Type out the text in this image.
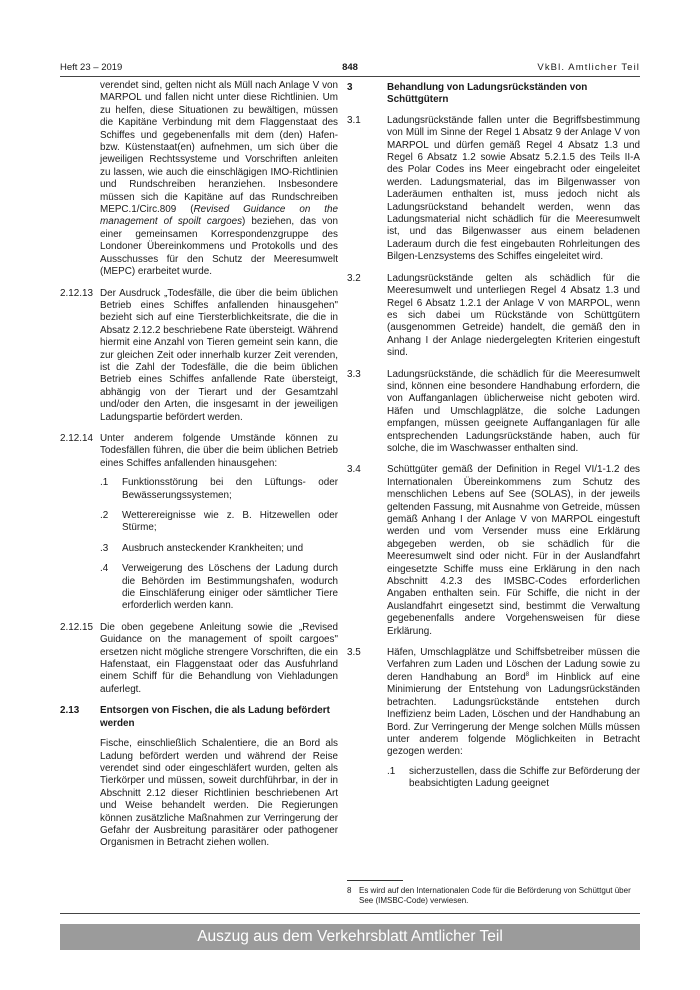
Heft 23 – 2019	848	VkBl. Amtlicher Teil
verendet sind, gelten nicht als Müll nach Anlage V von MARPOL und fallen nicht unter diese Richtlinien. Um zu helfen, diese Situationen zu bewältigen, müssen die Kapitäne Verbindung mit dem Flaggenstaat des Schiffes und gegebenenfalls mit dem (den) Hafen- bzw. Küstenstaat(en) aufnehmen, um sich über die jeweiligen Rechtssysteme und Vorschriften anleiten zu lassen, wie auch die einschlägigen IMO-Richtlinien und Rundschreiben heranziehen. Insbesondere müssen sich die Kapitäne auf das Rundschreiben MEPC.1/Circ.809 (Revised Guidance on the management of spoilt cargoes) beziehen, das von einer gemeinsamen Korrespondenzgruppe des Londoner Übereinkommens und Protokolls und des Ausschusses für den Schutz der Meeresumwelt (MEPC) erarbeitet wurde.
2.12.13 Der Ausdruck „Todesfälle, die über die beim üblichen Betrieb eines Schiffes anfallenden hinausgehen" bezieht sich auf eine Tiersterblichkeitsrate, die die in Absatz 2.12.2 beschriebene Rate übersteigt. Während hiermit eine Anzahl von Tieren gemeint sein kann, die zur gleichen Zeit oder innerhalb kurzer Zeit verenden, ist die Zahl der Todesfälle, die die beim üblichen Betrieb eines Schiffes anfallende Rate übersteigt, abhängig von der Tierart und der Gesamtzahl und/oder den Arten, die insgesamt in der jeweiligen Ladungspartie befördert werden.
2.12.14 Unter anderem folgende Umstände können zu Todesfällen führen, die über die beim üblichen Betrieb eines Schiffes anfallenden hinausgehen:
.1	Funktionsstörung bei den Lüftungs- oder Bewässerungssystemen;
.2	Wetterereignisse wie z. B. Hitzewellen oder Stürme;
.3	Ausbruch ansteckender Krankheiten; und
.4	Verweigerung des Löschens der Ladung durch die Behörden im Bestimmungshafen, wodurch die Einschläferung einiger oder sämtlicher Tiere erforderlich werden kann.
2.12.15 Die oben gegebene Anleitung sowie die „Revised Guidance on the management of spoilt cargoes" ersetzen nicht mögliche strengere Vorschriften, die ein Hafenstaat, ein Flaggenstaat oder das Ausfuhrland einem Schiff für die Behandlung von Viehladungen auferlegt.
2.13	Entsorgen von Fischen, die als Ladung befördert werden
Fische, einschließlich Schalentiere, die an Bord als Ladung befördert werden und während der Reise verendet sind oder eingeschläfert wurden, gelten als Tierkörper und müssen, soweit durchführbar, in der in Abschnitt 2.12 dieser Richtlinien beschriebenen Art und Weise behandelt werden. Die Regierungen können zusätzliche Maßnahmen zur Verringerung der Gefahr der Ausbreitung parasitärer oder pathogener Organismen in Betracht ziehen wollen.
3	Behandlung von Ladungsrückständen von Schüttgütern
3.1	Ladungsrückstände fallen unter die Begriffsbestimmung von Müll im Sinne der Regel 1 Absatz 9 der Anlage V von MARPOL und dürfen gemäß Regel 4 Absatz 1.3 und Regel 6 Absatz 1.2 sowie Absatz 5.2.1.5 des Teils II-A des Polar Codes ins Meer eingebracht oder eingeleitet werden. Ladungsmaterial, das im Bilgenwasser von Laderäumen enthalten ist, muss jedoch nicht als Ladungsrückstand behandelt werden, wenn das Ladungsmaterial nicht schädlich für die Meeresumwelt ist, und das Bilgenwasser aus einem beladenen Laderaum durch die fest eingebauten Rohrleitungen des Bilgen-Lenzsystems des Schiffes eingeleitet wird.
3.2	Ladungsrückstände gelten als schädlich für die Meeresumwelt und unterliegen Regel 4 Absatz 1.3 und Regel 6 Absatz 1.2.1 der Anlage V von MARPOL, wenn es sich dabei um Rückstände von Schüttgütern (ausgenommen Getreide) handelt, die gemäß den in Anhang I der Anlage niedergelegten Kriterien eingestuft sind.
3.3	Ladungsrückstände, die schädlich für die Meeresumwelt sind, können eine besondere Handhabung erfordern, die von Auffanganlagen üblicherweise nicht geboten wird. Häfen und Umschlagplätze, die solche Ladungen empfangen, müssen geeignete Auffanganlagen für alle entsprechenden Ladungsrückstände haben, auch für solche, die im Waschwasser enthalten sind.
3.4	Schüttgüter gemäß der Definition in Regel VI/1-1.2 des Internationalen Übereinkommens zum Schutz des menschlichen Lebens auf See (SOLAS), in der jeweils geltenden Fassung, mit Ausnahme von Getreide, müssen gemäß Anhang I der Anlage V von MARPOL eingestuft werden und vom Versender muss eine Erklärung abgegeben werden, ob sie schädlich für die Meeresumwelt sind oder nicht. Für in der Auslandfahrt eingesetzte Schiffe muss eine Erklärung in den nach Abschnitt 4.2.3 des IMSBC-Codes erforderlichen Angaben enthalten sein. Für Schiffe, die nicht in der Auslandfahrt eingesetzt sind, bestimmt die Verwaltung gegebenenfalls andere Vorgehensweisen für diese Erklärung.
3.5	Häfen, Umschlagplätze und Schiffsbetreiber müssen die Verfahren zum Laden und Löschen der Ladung sowie zu deren Handhabung an Bord$^8$ im Hinblick auf eine Minimierung der Entstehung von Ladungsrückständen betrachten. Ladungsrückstände entstehen durch Ineffizienz beim Laden, Löschen und der Handhabung an Bord. Zur Verringerung der Menge solchen Mülls müssen unter anderem folgende Möglichkeiten in Betracht gezogen werden:
.1	sicherzustellen, dass die Schiffe zur Beförderung der beabsichtigten Ladung geeignet
8 Es wird auf den Internationalen Code für die Beförderung von Schüttgut über See (IMSBC-Code) verwiesen.
Auszug aus dem Verkehrsblatt Amtlicher Teil
